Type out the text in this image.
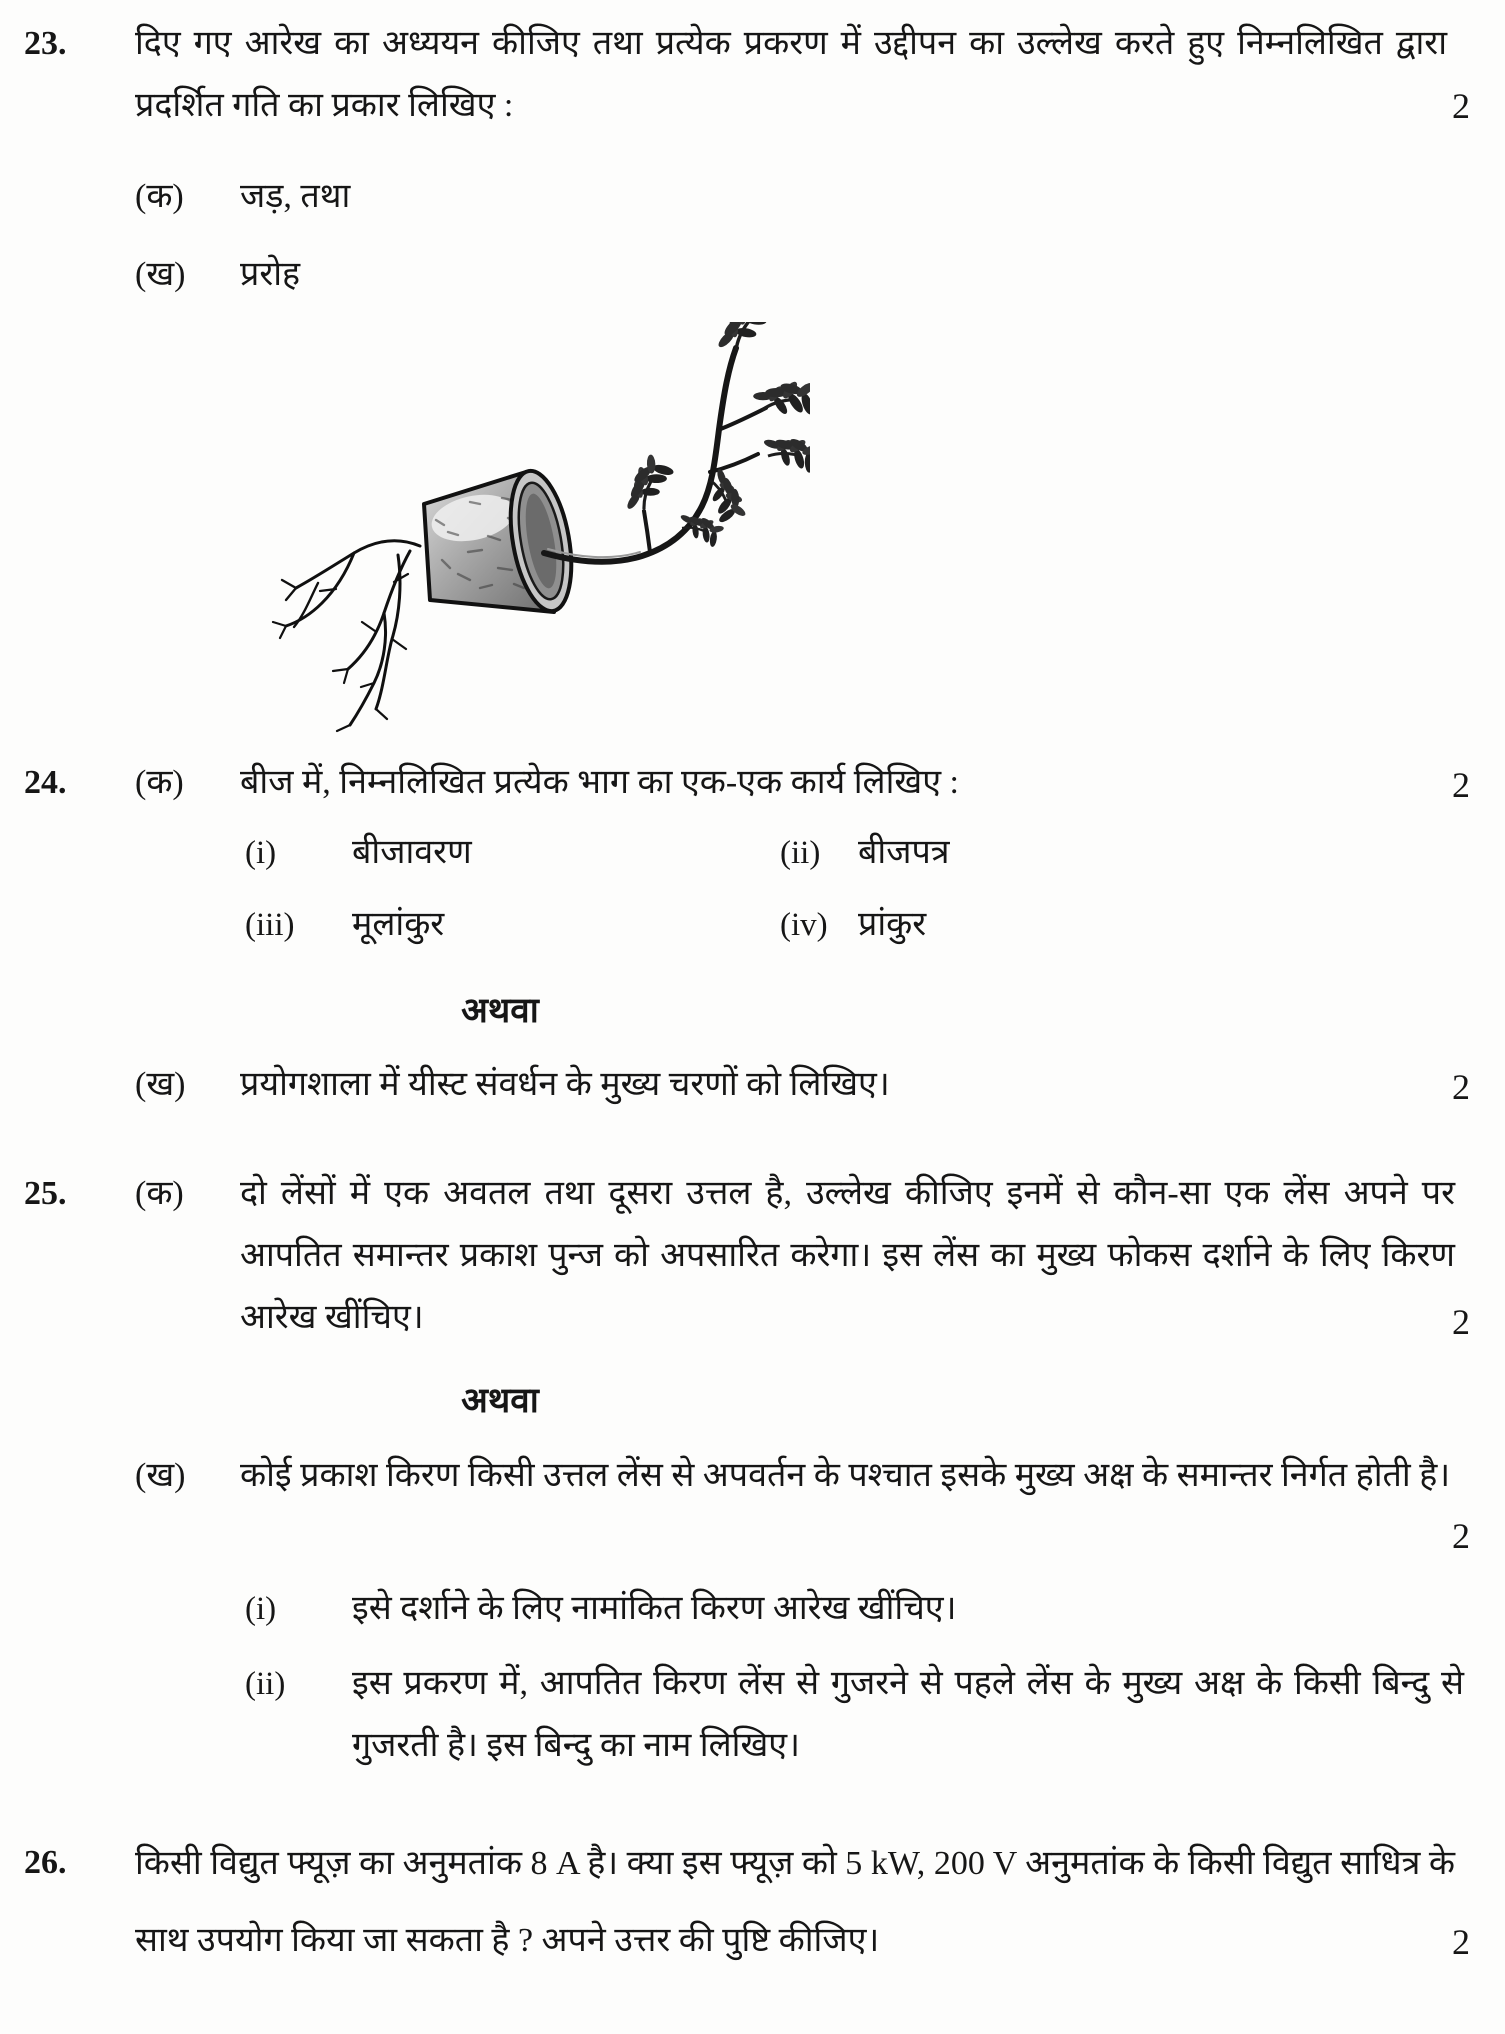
23. दिए गए आरेख का अध्ययन कीजिए तथा प्रत्येक प्रकरण में उद्दीपन का उल्लेख करते हुए निम्नलिखित द्वारा प्रदर्शित गति का प्रकार लिखिए :	2
(क) जड़, तथा
(ख) प्ररोह
24. (क) बीज में, निम्नलिखित प्रत्येक भाग का एक-एक कार्य लिखिए :	2
(i) बीजावरण	(ii) बीजपत्र
(iii) मूलांकुर	(iv) प्रांकुर
अथवा
(ख) प्रयोगशाला में यीस्ट संवर्धन के मुख्य चरणों को लिखिए।	2
25. (क) दो लेंसों में एक अवतल तथा दूसरा उत्तल है, उल्लेख कीजिए इनमें से कौन-सा एक लेंस अपने पर आपतित समान्तर प्रकाश पुन्ज को अपसारित करेगा। इस लेंस का मुख्य फोकस दर्शाने के लिए किरण आरेख खींचिए।	2
अथवा
(ख) कोई प्रकाश किरण किसी उत्तल लेंस से अपवर्तन के पश्चात इसके मुख्य अक्ष के समान्तर निर्गत होती है।
2
(i) इसे दर्शाने के लिए नामांकित किरण आरेख खींचिए।
(ii) इस प्रकरण में, आपतित किरण लेंस से गुजरने से पहले लेंस के मुख्य अक्ष के किसी बिन्दु से गुजरती है। इस बिन्दु का नाम लिखिए।
26. किसी विद्युत फ्यूज़ का अनुमतांक 8 A है। क्या इस फ्यूज़ को 5 kW, 200 V अनुमतांक के किसी विद्युत साधित्र के साथ उपयोग किया जा सकता है ? अपने उत्तर की पुष्टि कीजिए।	2
